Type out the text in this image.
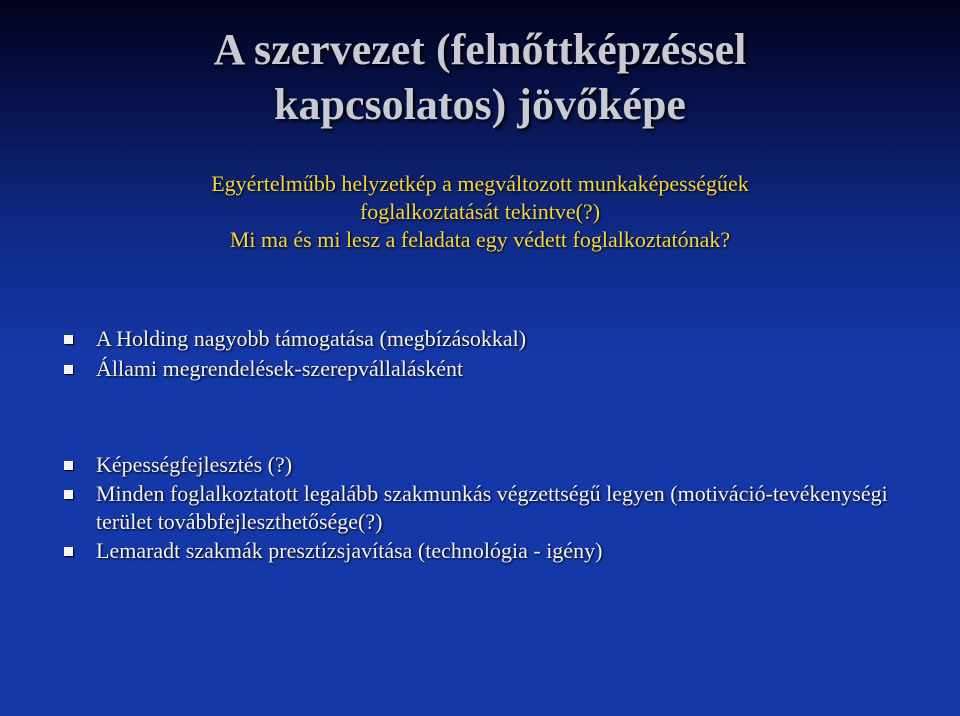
A szervezet (felnőttképzéssel
kapcsolatos) jövőképe
Egyértelműbb helyzetkép a megváltozott munkaképességűek
foglalkoztatását tekintve(?)
Mi ma és mi lesz a feladata egy védett foglalkoztatónak?
A Holding nagyobb támogatása (megbízásokkal)
Állami megrendelések-szerepvállalásként
Képességfejlesztés (?)
Minden foglalkoztatott legalább szakmunkás végzettségű legyen (motiváció-tevékenységi terület továbbfejleszthetősége(?)
Lemaradt szakmák presztízsjavítása (technológia - igény)
